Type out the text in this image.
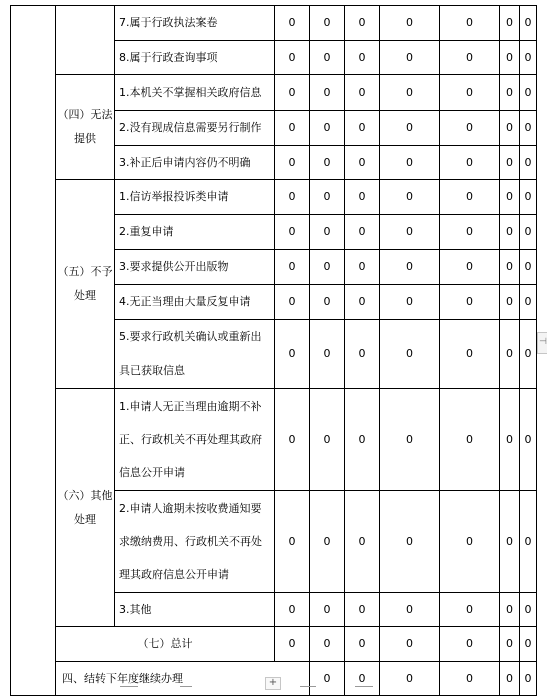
		7.属于行政执法案卷	0	0	0	0	0	0	0	
		8.属于行政查询事项	0	0	0	0	0	0	0	
	（四）无法提供	1.本机关不掌握相关政府信息	0	0	0	0	0	0	0	
		2.没有现成信息需要另行制作	0	0	0	0	0	0	0	
		3.补正后申请内容仍不明确	0	0	0	0	0	0	0	
	（五）不予处理	1.信访举报投诉类申请	0	0	0	0	0	0	0	
		2.重复申请	0	0	0	0	0	0	0	
		3.要求提供公开出版物	0	0	0	0	0	0	0	
		4.无正当理由大量反复申请	0	0	0	0	0	0	0	
		5.要求行政机关确认或重新出具已获取信息	0	0	0	0	0	0	0	
	（六）其他处理	1.申请人无正当理由逾期不补正、行政机关不再处理其政府信息公开申请	0	0	0	0	0	0	0	
		2.申请人逾期未按收费通知要求缴纳费用、行政机关不再处理其政府信息公开申请	0	0	0	0	0	0	0	
		3.其他	0	0	0	0	0	0	0	
	（七）总计		0	0	0	0	0	0	0	
	四、结转下年度继续办理			0	0	0	0	0	0	
⊣
+
